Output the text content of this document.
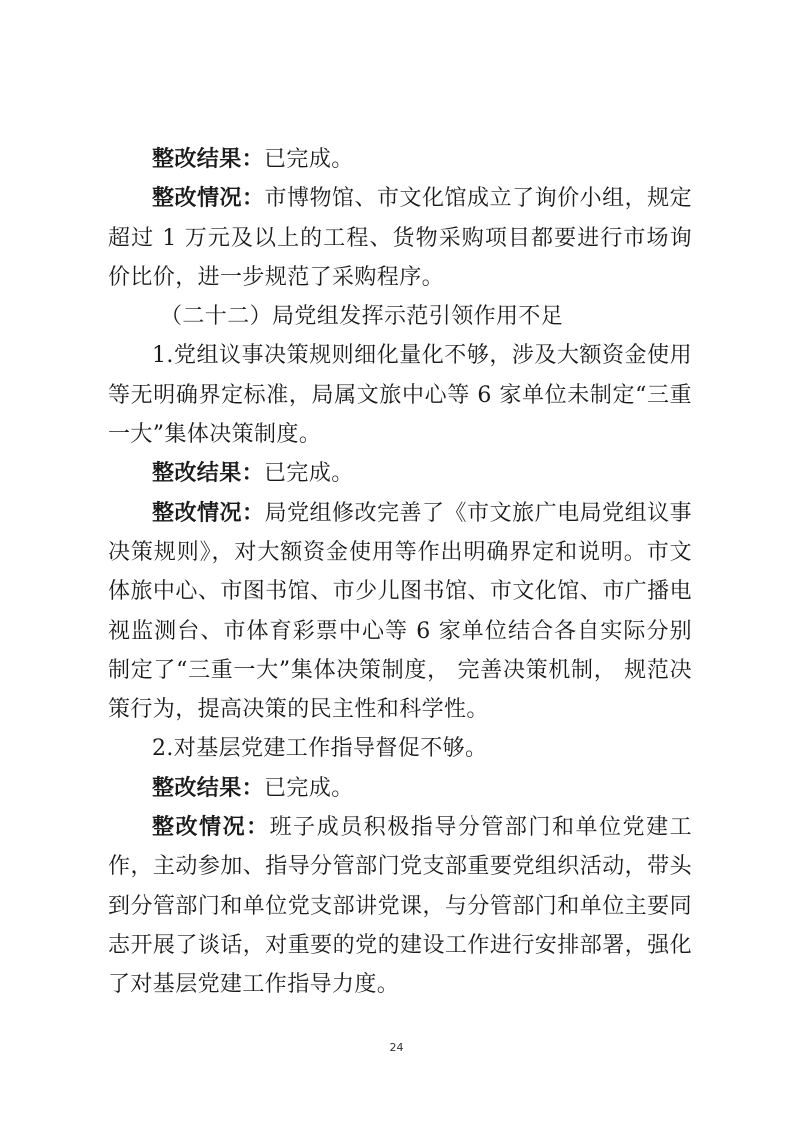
整改结果：已完成。

整改情况：市博物馆、市文化馆成立了询价小组，规定超过 1 万元及以上的工程、货物采购项目都要进行市场询价比价，进一步规范了采购程序。

（二十二）局党组发挥示范引领作用不足

1.党组议事决策规则细化量化不够，涉及大额资金使用等无明确界定标准，局属文旅中心等 6 家单位未制定“三重一大”集体决策制度。

整改结果：已完成。

整改情况：局党组修改完善了《市文旅广电局党组议事决策规则》，对大额资金使用等作出明确界定和说明。市文体旅中心、市图书馆、市少儿图书馆、市文化馆、市广播电视监测台、市体育彩票中心等 6 家单位结合各自实际分别制定了“三重一大”集体决策制度， 完善决策机制， 规范决策行为，提高决策的民主性和科学性。

2.对基层党建工作指导督促不够。

整改结果：已完成。

整改情况：班子成员积极指导分管部门和单位党建工作，主动参加、指导分管部门党支部重要党组织活动，带头到分管部门和单位党支部讲党课，与分管部门和单位主要同志开展了谈话，对重要的党的建设工作进行安排部署，强化了对基层党建工作指导力度。

24
